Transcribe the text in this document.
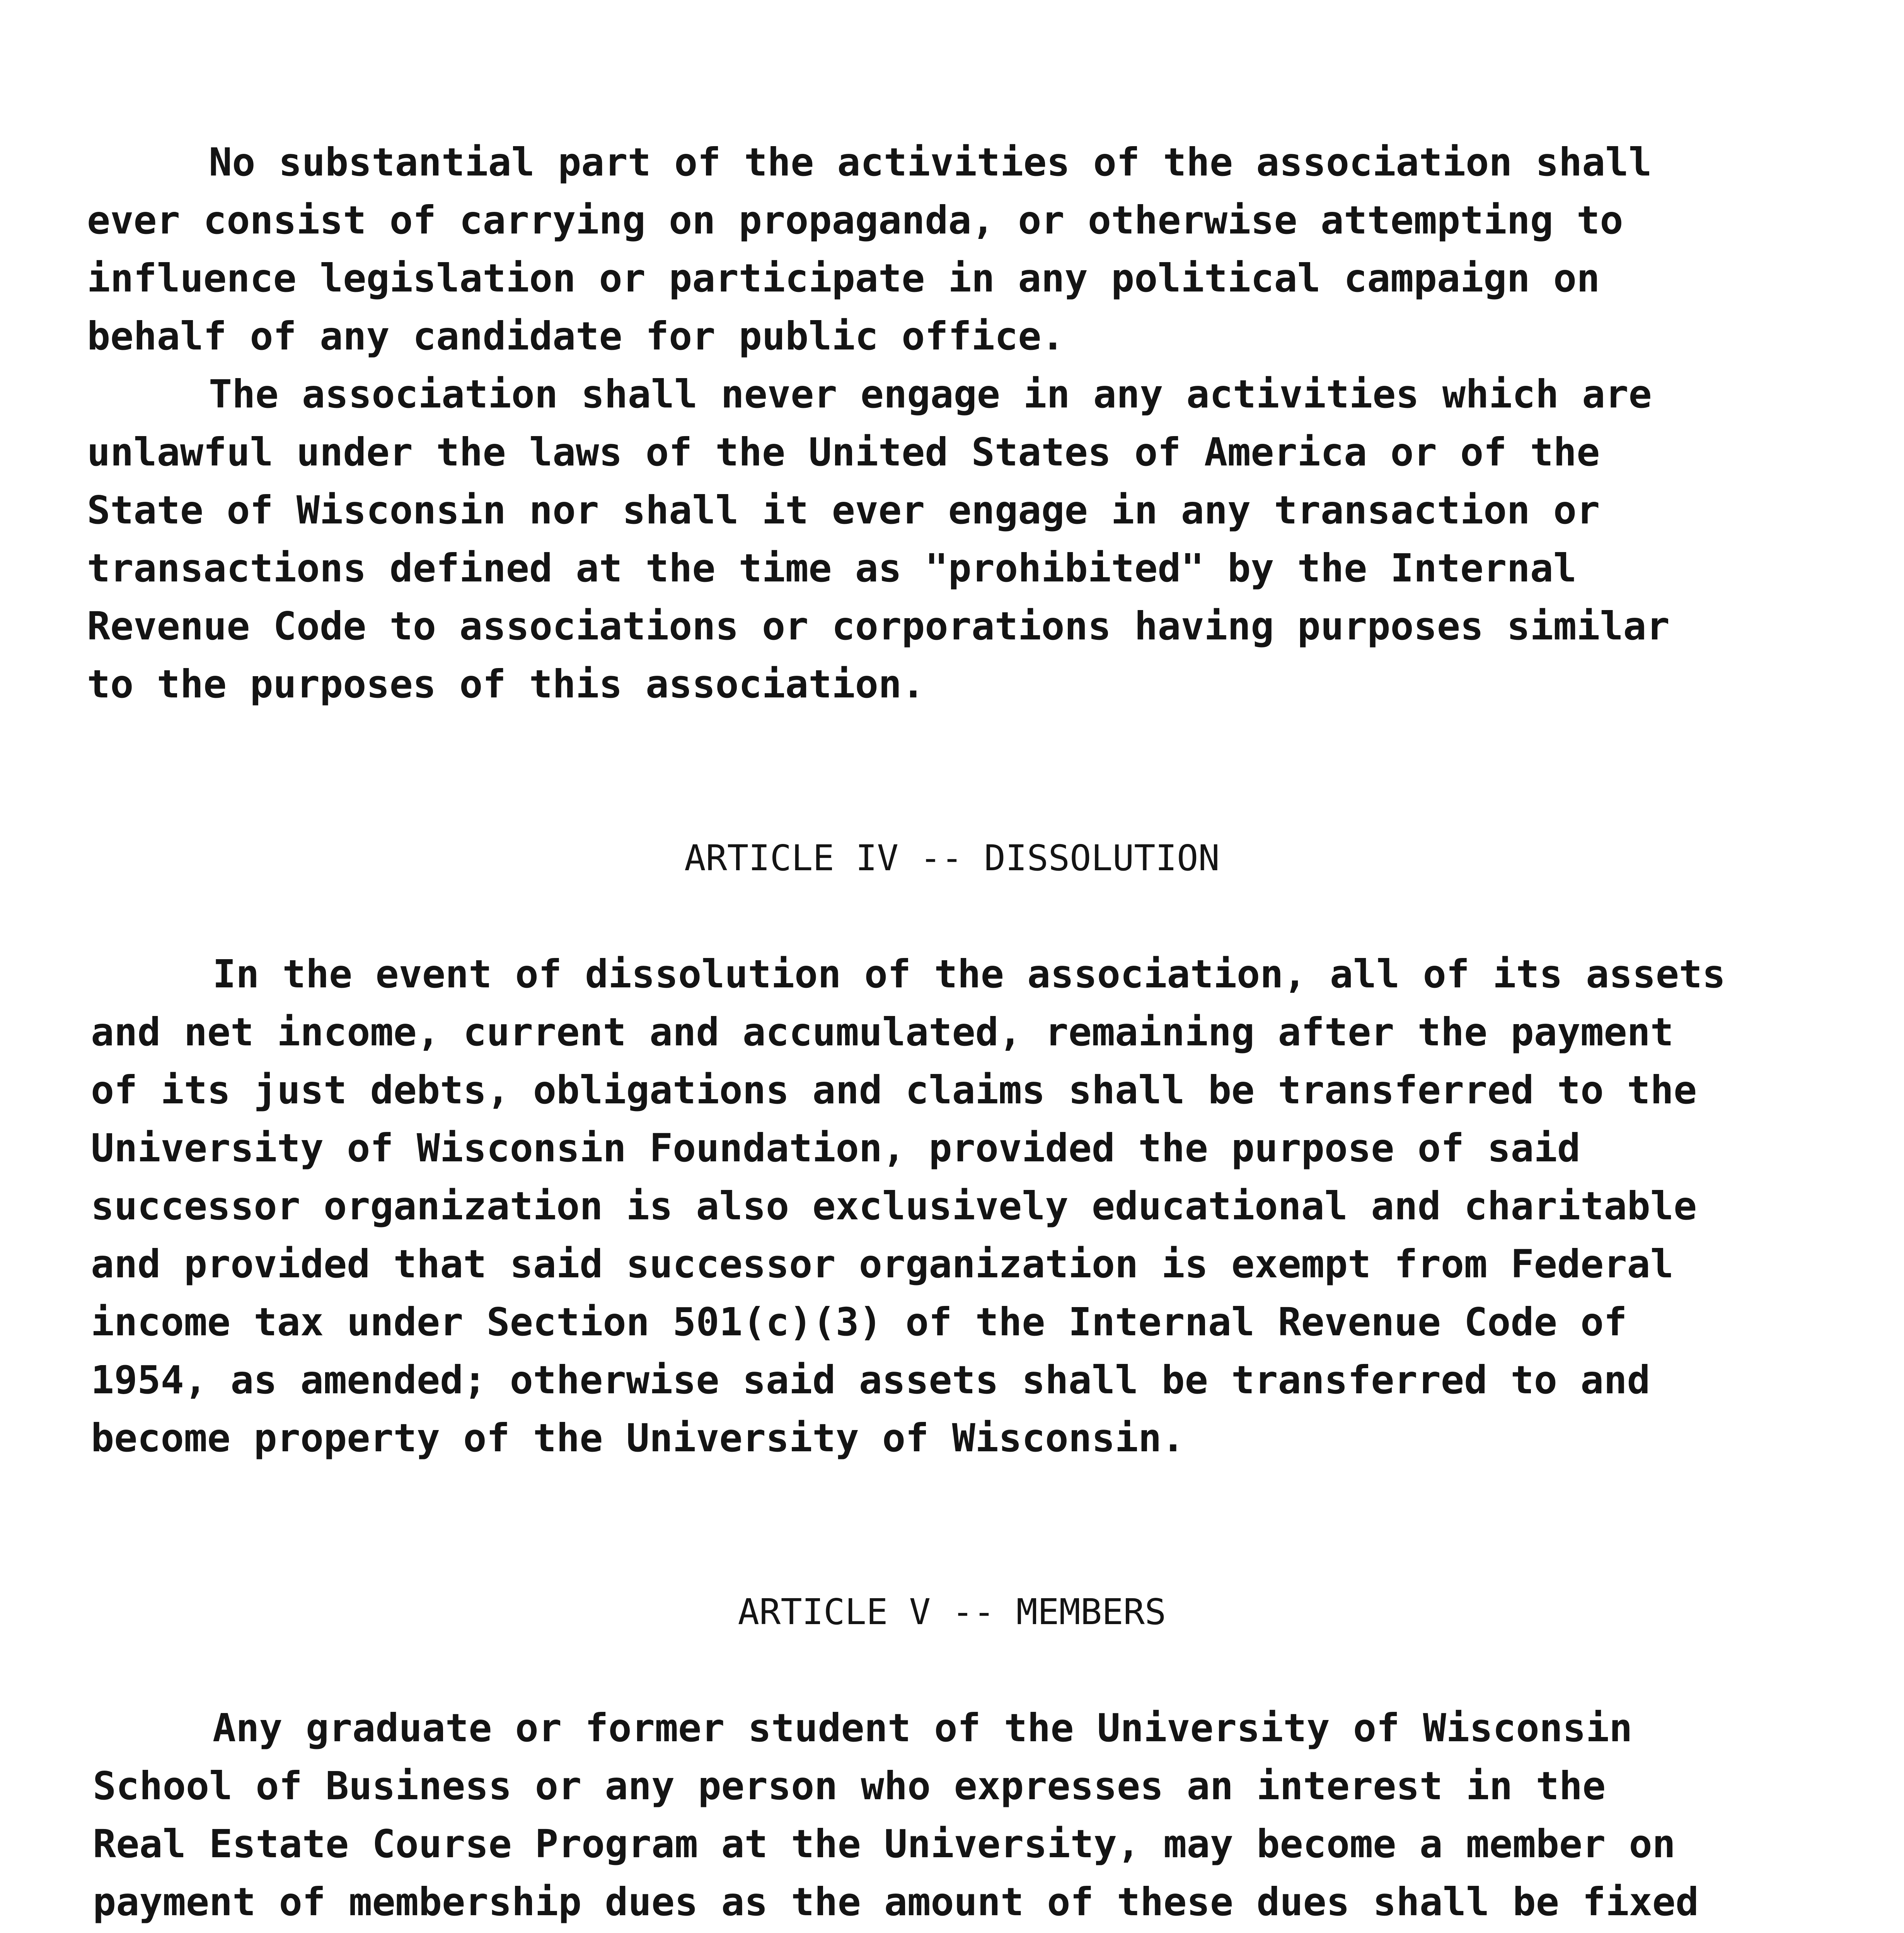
No substantial part of the activities of the association shall
ever consist of carrying on propaganda, or otherwise attempting to
influence legislation or participate in any political campaign on
behalf of any candidate for public office.
The association shall never engage in any activities which are
unlawful under the laws of the United States of America or of the
State of Wisconsin nor shall it ever engage in any transaction or
transactions defined at the time as "prohibited" by the Internal
Revenue Code to associations or corporations having purposes similar
to the purposes of this association.
ARTICLE IV -- DISSOLUTION
In the event of dissolution of the association, all of its assets
and net income, current and accumulated, remaining after the payment
of its just debts, obligations and claims shall be transferred to the
University of Wisconsin Foundation, provided the purpose of said
successor organization is also exclusively educational and charitable
and provided that said successor organization is exempt from Federal
income tax under Section 501(c)(3) of the Internal Revenue Code of
1954, as amended; otherwise said assets shall be transferred to and
become property of the University of Wisconsin.
ARTICLE V -- MEMBERS
Any graduate or former student of the University of Wisconsin
School of Business or any person who expresses an interest in the
Real Estate Course Program at the University, may become a member on
payment of membership dues as the amount of these dues shall be fixed
